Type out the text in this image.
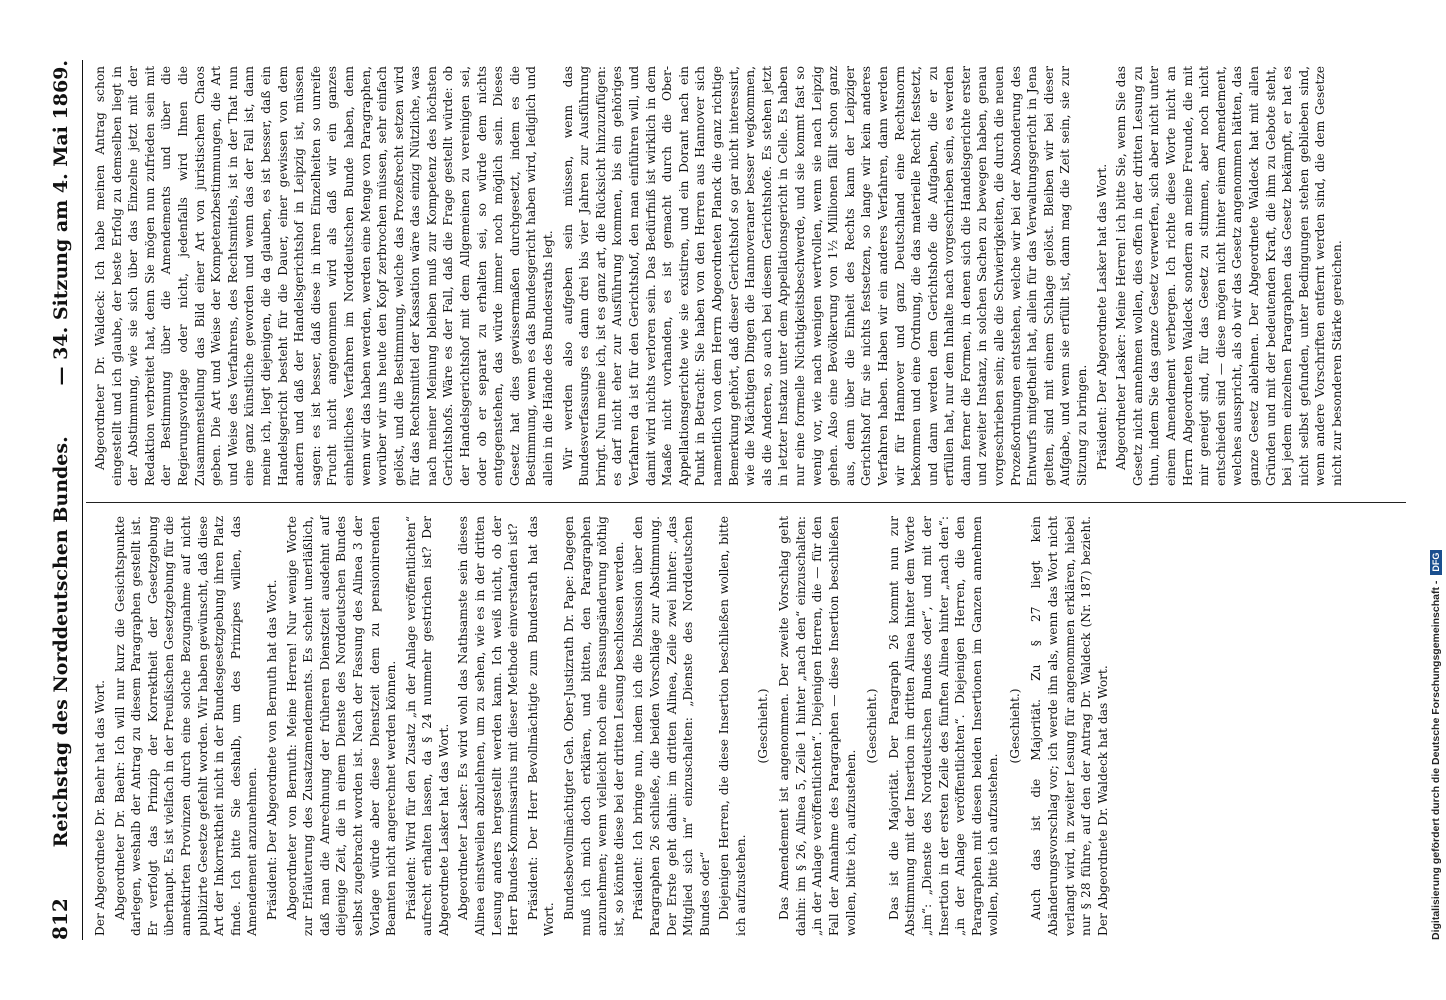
812
Reichstag des Norddeutschen Bundes.
— 34. Sitzung am 4. Mai 1869.

Der Abgeordnete Dr. Baehr hat das Wort. Abgeordneter Dr. Baehr: Ich will nur kurz die Gesichtspunkte darlegen, weshalb der Antrag zu diesem Paragraphen gestellt ist. Er verfolgt das Prinzip der Korrektheit der Gesetzgebung überhaupt. Es ist vielfach in der Preußischen Gesetzgebung für die annektirten Provinzen durch eine solche Bezugnahme auf nicht publizirte Gesetze gefehlt worden. Wir haben gewünscht, daß diese Art der Inkorrektheit nicht in der Bundesgesetzgebung ihren Platz finde. Ich bitte Sie deshalb, um des Prinzipes willen, das Amendement anzunehmen. Präsident: Der Abgeordnete von Bernuth hat das Wort. Abgeordneter von Bernuth: Meine Herren! Nur wenige Worte zur Erläuterung des Zusatzamendements. Es scheint unerläßlich, daß man die Anrechnung der früheren Dienstzeit ausdehnt auf diejenige Zeit, die in einem Dienste des Norddeutschen Bundes selbst zugebracht worden ist. Nach der Fassung des Alinea 3 der Vorlage würde aber diese Dienstzeit dem zu pensionirenden Beamten nicht angerechnet werden können. Präsident: Wird für den Zusatz „in der Anlage veröffentlichten“ aufrecht erhalten lassen, da § 24 nunmehr gestrichen ist? Der Abgeordnete Lasker hat das Wort. Abgeordneter Lasker: Es wird wohl das Nathsamste sein dieses Alinea einstweilen abzulehnen, um zu sehen, wie es in der dritten Lesung anders hergestellt werden kann. Ich weiß nicht, ob der Herr Bundes-Kommissarius mit dieser Methode einverstanden ist? Präsident: Der Herr Bevollmächtigte zum Bundesrath hat das Wort. Bundesbevollmächtigter Geh. Ober-Justizrath Dr. Pape: Dagegen muß ich mich doch erklären, und bitten, den Paragraphen anzunehmen; wenn vielleicht noch eine Fassungsänderung nöthig ist, so könnte diese bei der dritten Lesung beschlossen werden. Präsident: Ich bringe nun, indem ich die Diskussion über den Paragraphen 26 schließe, die beiden Vorschläge zur Abstimmung. Der Erste geht dahin: im dritten Alinea, Zeile zwei hinter: „das Mitglied sich im“ einzuschalten: „Dienste des Norddeutschen Bundes oder“ Diejenigen Herren, die diese Insertion beschließen wollen, bitte ich aufzustehen.

(Geschieht.) Das Amendement ist angenommen. Der zweite Vorschlag geht dahin: im § 26, Alinea 5, Zeile 1 hinter „nach den“ einzuschalten: „in der Anlage veröffentlichten“. Diejenigen Herren, die — für den Fall der Annahme des Paragraphen — diese Insertion beschließen wollen, bitte ich, aufzustehen.

(Geschieht.) Das ist die Majorität. Der Paragraph 26 kommt nun zur Abstimmung mit der Insertion im dritten Alinea hinter dem Worte „im“: „Dienste des Norddeutschen Bundes oder“, und mit der Insertion in der ersten Zeile des fünften Alinea hinter „nach den“: „in der Anlage veröffentlichten“. Diejenigen Herren, die den Paragraphen mit diesen beiden Insertionen im Ganzen annehmen wollen, bitte ich aufzustehen.

(Geschieht.) Auch das ist die Majorität. Zu § 27 liegt kein Abänderungsvorschlag vor; ich werde ihn als, wenn das Wort nicht verlangt wird, in zweiter Lesung für angenommen erklären, hiebei nur § 28 führe, auf den der Antrag Dr. Waldeck (Nr. 187) bezieht. Der Abgeordnete Dr. Waldeck hat das Wort.

Abgeordneter Dr. Waldeck: Ich habe meinen Antrag schon eingestellt und ich glaube, der beste Erfolg zu demselben liegt in der Abstimmung, wie sie sich über das Einzelne jetzt mit der Redaktion verbreitet hat, denn Sie mögen nun zufrieden sein mit der Bestimmung über die Amendements und über die Regierungsvorlage oder nicht, jedenfalls wird Ihnen die Zusammenstellung das Bild einer Art von juristischem Chaos geben. Die Art und Weise der Kompetenzbestimmungen, die Art und Weise des Verfahrens, des Rechtsmittels, ist in der That nun eine ganz künstliche geworden und wenn das der Fall ist, dann meine ich, liegt diejenigen, die da glauben, es ist besser, daß ein Handelsgericht besteht für die Dauer, einer gewissen von dem andern und daß der Handelsgerichtshof in Leipzig ist, müssen sagen: es ist besser, daß diese in ihren Einzelheiten so unreife Frucht nicht angenommen wird als daß wir ein ganzes einheitliches Verfahren im Norddeutschen Bunde haben, denn wenn wir das haben werden, werden eine Menge von Paragraphen, worüber wir uns heute den Kopf zerbrochen müssen, sehr einfach gelöst, und die Bestimmung, welche das Prozeßrecht setzen wird für das Rechtsmittel der Kassation wäre das einzig Nützliche, was nach meiner Meinung bleiben muß zur Kompetenz des höchsten Gerichtshofs. Wäre es der Fall, daß die Frage gestellt würde: ob der Handelsgerichtshof mit dem Allgemeinen zu vereinigen sei, oder ob er separat zu erhalten sei, so würde dem nichts entgegenstehen, das würde immer noch möglich sein. Dieses Gesetz hat dies gewissermaßen durchgesetzt, indem es die Bestimmung, wenn es das Bundesgericht haben wird, lediglich und allein in die Hände des Bundesraths legt. Wir werden also aufgeben sein müssen, wenn das Bundesverfassungs es dann drei bis vier Jahren zur Ausführung bringt. Nun meine ich, ist es ganz art, die Rücksicht hinzuzufügen: es darf nicht eher zur Ausführung kommen, bis ein gehöriges Verfahren da ist für den Gerichtshof, den man einführen will, und damit wird nichts verloren sein. Das Bedürfniß ist wirklich in dem Maaße nicht vorhanden, es ist gemacht durch die Ober-Appellationsgerichte wie sie existiren, und ein Dorant nach ein Punkt in Betracht: Sie haben von den Herren aus Hannover sich namentlich von dem Herrn Abgeordneten Planck die ganz richtige Bemerkung gehört, daß dieser Gerichtshof so gar nicht interessirt, wie die Mächtigen Dingen die Hannoveraner besser wegkommen, als die Anderen, so auch bei diesem Gerichtshofe. Es stehen jetzt in letzter Instanz unter dem Appellationsgericht in Celle. Es haben nur eine formelle Nichtigkeitsbeschwerde, und sie kommt fast so wenig vor, wie nach wenigen wertvollen, wenn sie nach Leipzig gehen. Also eine Bevölkerung von 1½ Millionen fällt schon ganz aus, denn über die Einheit des Rechts kann der Leipziger Gerichtshof für sie nichts festsetzen, so lange wir kein anderes Verfahren haben. Haben wir ein anderes Verfahren, dann werden wir für Hannover und ganz Deutschland eine Rechtsnorm bekommen und eine Ordnung, die das materielle Recht festsetzt, und dann werden dem Gerichtshofe die Aufgaben, die er zu erfüllen hat, nur dem Inhalte nach vorgeschrieben sein, es werden dann ferner die Formen, in denen sich die Handelsgerichte erster und zweiter Instanz, in solchen Sachen zu bewegen haben, genau vorgeschrieben sein; alle die Schwierigkeiten, die durch die neuen Prozeßordnungen entstehen, welche wir bei der Absonderung des Entwurfs mitgetheilt hat, allein für das Verwaltungsgericht in Jena gelten, sind mit einem Schlage gelöst. Bleiben wir bei dieser Aufgabe, und wenn sie erfüllt ist, dann mag die Zeit sein, sie zur Sitzung zu bringen. Präsident: Der Abgeordnete Lasker hat das Wort. Abgeordneter Lasker: Meine Herren! ich bitte Sie, wenn Sie das Gesetz nicht annehmen wollen, dies offen in der dritten Lesung zu thun, indem Sie das ganze Gesetz verwerfen, sich aber nicht unter einem Amendement verbergen. Ich richte diese Worte nicht an Herrn Abgeordneten Waldeck sondern an meine Freunde, die mit mir geneigt sind, für das Gesetz zu stimmen, aber noch nicht entschieden sind — diese mögen nicht hinter einem Amendement, welches ausspricht, als ob wir das Gesetz angenommen hätten, das ganze Gesetz ablehnen. Der Abgeordnete Waldeck hat mit allen Gründen und mit der bedeutenden Kraft, die ihm zu Gebote steht, bei jedem einzelnen Paragraphen das Gesetz bekämpft, er hat es nicht selbst gefunden, unter Bedingungen stehen geblieben sind, wenn andere Vorschriften entfernt werden sind, die dem Gesetze nicht zur besonderen Stärke gereichen.

Digitalisierung gefördert durch die Deutsche Forschungsgemeinschaft -
DFG
